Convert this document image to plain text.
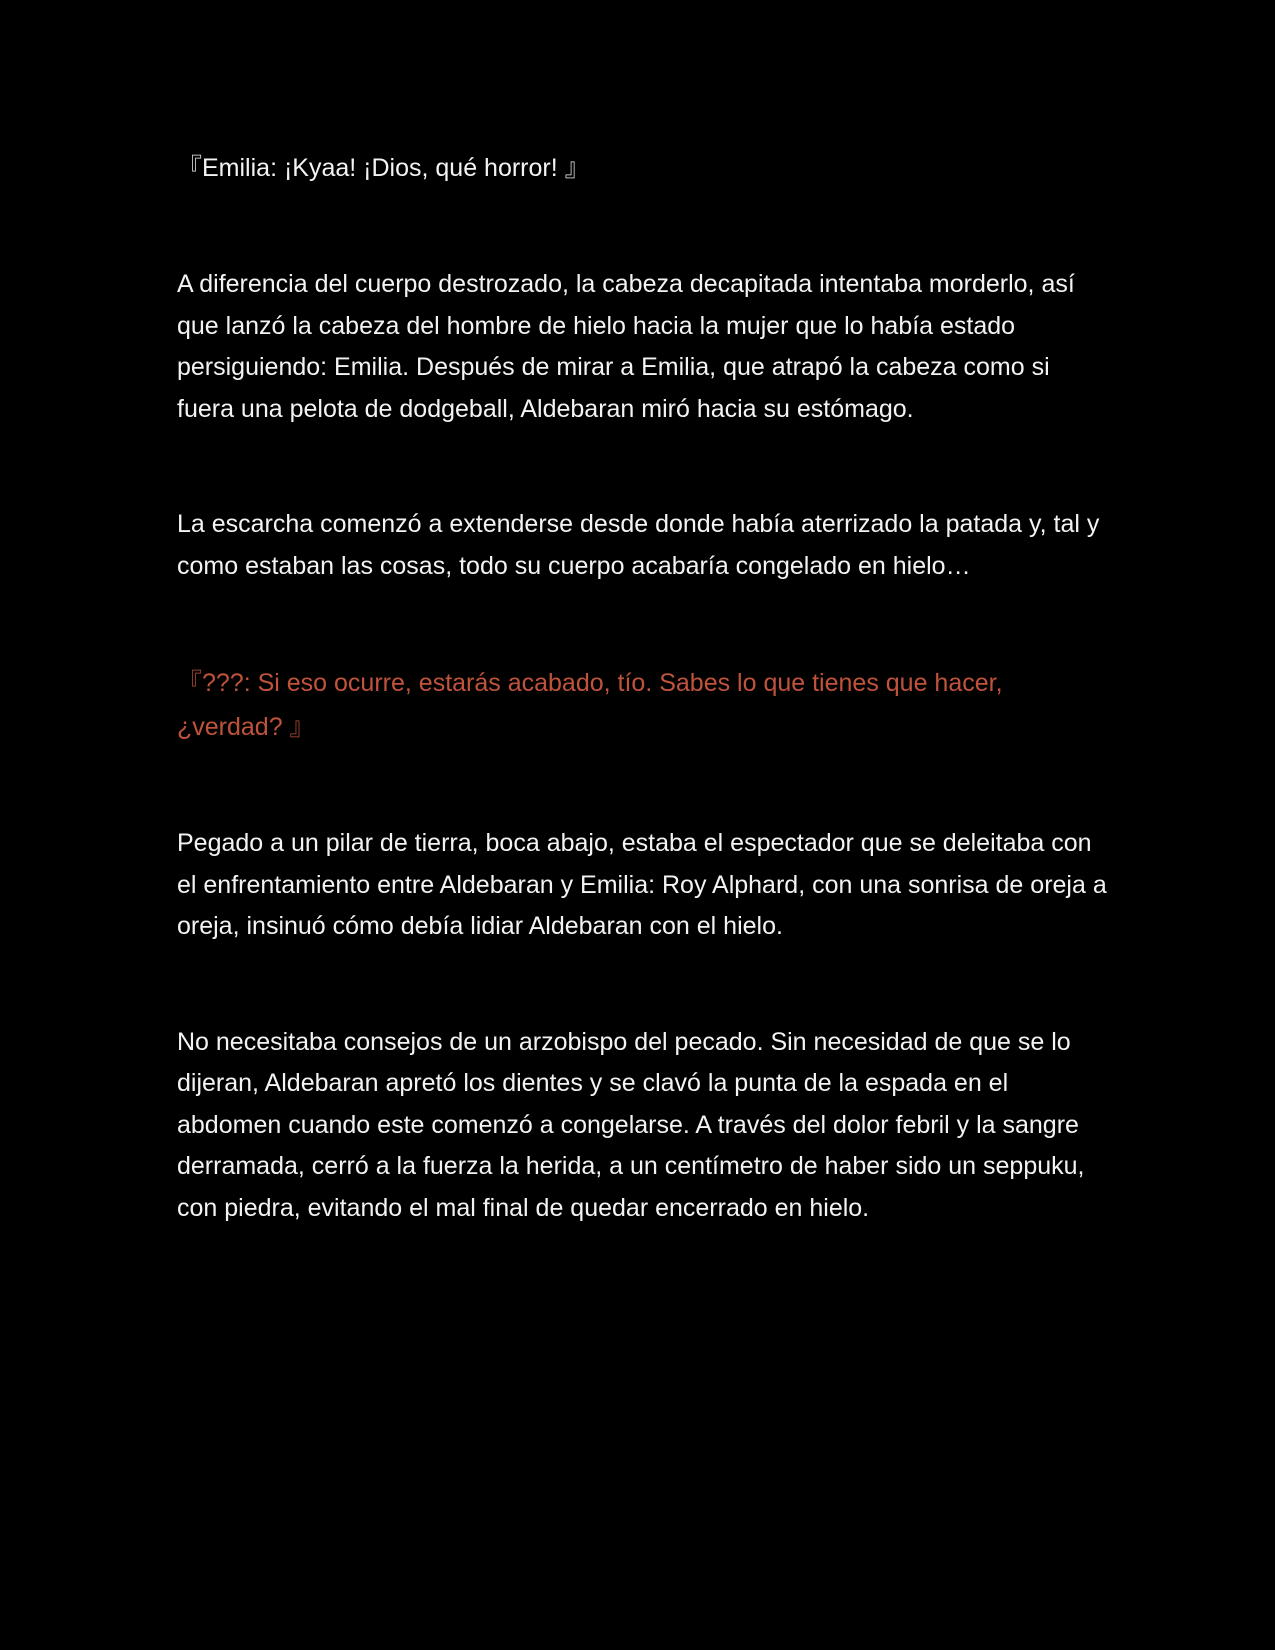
『Emilia: ¡Kyaa! ¡Dios, qué horror! 』

A diferencia del cuerpo destrozado, la cabeza decapitada intentaba morderlo, así que lanzó la cabeza del hombre de hielo hacia la mujer que lo había estado persiguiendo: Emilia. Después de mirar a Emilia, que atrapó la cabeza como si fuera una pelota de dodgeball, Aldebaran miró hacia su estómago.

La escarcha comenzó a extenderse desde donde había aterrizado la patada y, tal y como estaban las cosas, todo su cuerpo acabaría congelado en hielo…

『???: Si eso ocurre, estarás acabado, tío. Sabes lo que tienes que hacer, ¿verdad? 』

Pegado a un pilar de tierra, boca abajo, estaba el espectador que se deleitaba con el enfrentamiento entre Aldebaran y Emilia: Roy Alphard, con una sonrisa de oreja a oreja, insinuó cómo debía lidiar Aldebaran con el hielo.

No necesitaba consejos de un arzobispo del pecado. Sin necesidad de que se lo dijeran, Aldebaran apretó los dientes y se clavó la punta de la espada en el abdomen cuando este comenzó a congelarse. A través del dolor febril y la sangre derramada, cerró a la fuerza la herida, a un centímetro de haber sido un seppuku, con piedra, evitando el mal final de quedar encerrado en hielo.
